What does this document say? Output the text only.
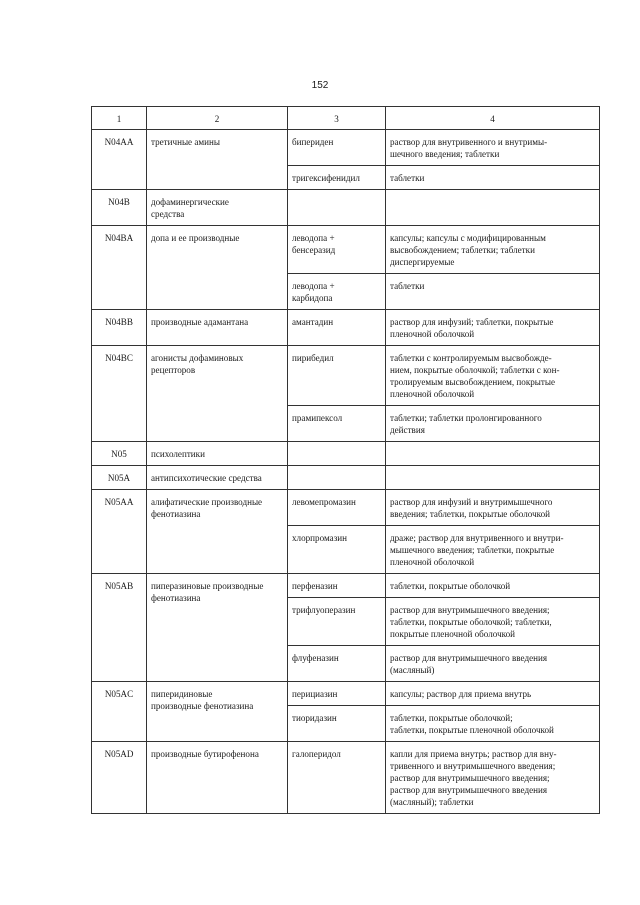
152
1	2	3	4
N04AA	третичные амины	бипериден	раствор для внутривенного и внутримы-
шечного введения; таблетки
		тригексифенидил	таблетки
N04B	дофаминергические
средства		
N04BA	допа и ее производные	леводопа +
бенсеразид	капсулы; капсулы с модифицированным
высвобождением; таблетки; таблетки
диспергируемые
		леводопа +
карбидопа	таблетки
N04BB	производные адамантана	амантадин	раствор для инфузий; таблетки, покрытые
пленочной оболочкой
N04BC	агонисты дофаминовых
рецепторов	пирибедил	таблетки с контролируемым высвобожде-
нием, покрытые оболочкой; таблетки с кон-
тролируемым высвобождением, покрытые
пленочной оболочкой
		прамипексол	таблетки; таблетки пролонгированного
действия
N05	психолептики		
N05A	антипсихотические средства		
N05AA	алифатические производные
фенотиазина	левомепромазин	раствор для инфузий и внутримышечного
введения; таблетки, покрытые оболочкой
		хлорпромазин	драже; раствор для внутривенного и внутри-
мышечного введения; таблетки, покрытые
пленочной оболочкой
N05AB	пиперазиновые производные
фенотиазина	перфеназин	таблетки, покрытые оболочкой
		трифлуоперазин	раствор для внутримышечного введения;
таблетки, покрытые оболочкой; таблетки,
покрытые пленочной оболочкой
		флуфеназин	раствор для внутримышечного введения
(масляный)
N05AC	пиперидиновые
производные фенотиазина	перициазин	капсулы; раствор для приема внутрь
		тиоридазин	таблетки, покрытые оболочкой;
таблетки, покрытые пленочной оболочкой
N05AD	производные бутирофенона	галоперидол	капли для приема внутрь; раствор для вну-
тривенного и внутримышечного введения;
раствор для внутримышечного введения;
раствор для внутримышечного введения
(масляный); таблетки
